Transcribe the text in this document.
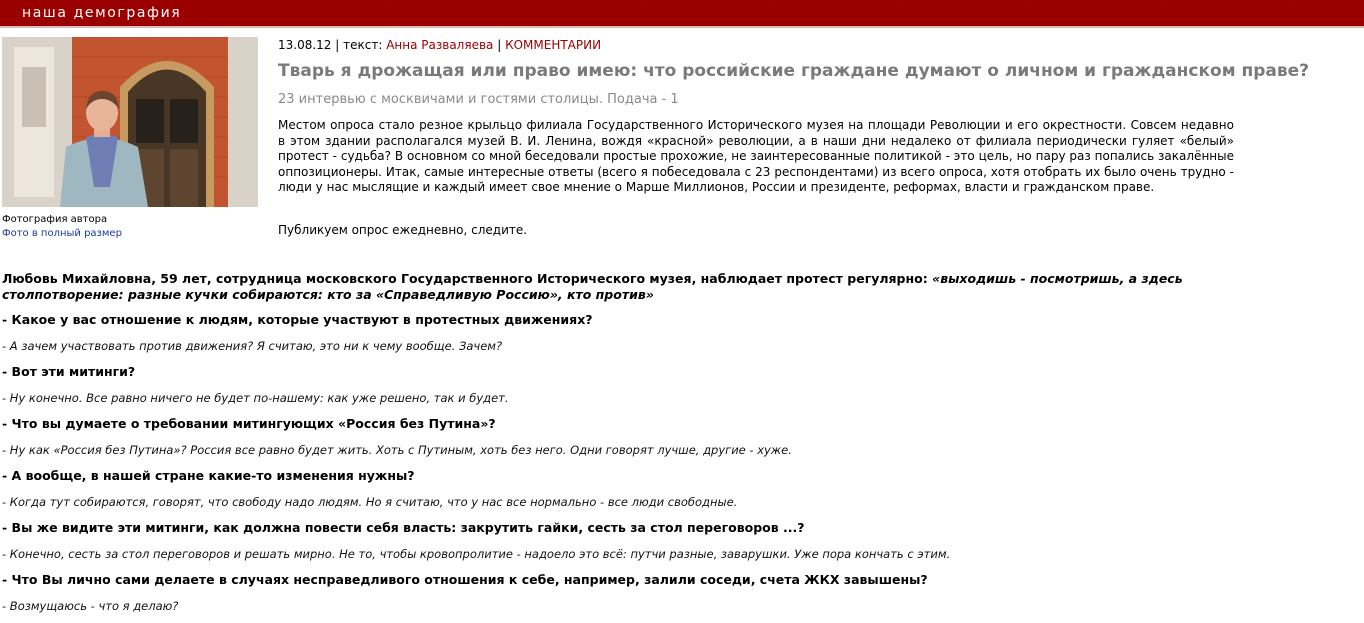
наша демография
Фотография автора
Фото в полный размер
13.08.12 | текст: Анна Разваляева | КОММЕНТАРИИ
Тварь я дрожащая или право имею: что российские граждане думают о личном и гражданском праве?
23 интервью с москвичами и гостями столицы. Подача - 1

Местом опроса стало резное крыльцо филиала Государственного Исторического музея на площади Революции и его окрестности. Совсем недавно в этом здании располагался музей В. И. Ленина, вождя «красной» революции, а в наши дни недалеко от филиала периодически гуляет «белый» протест - судьба? В основном со мной беседовали простые прохожие, не заинтересованные политикой - это цель, но пару раз попались закалённые оппозиционеры. Итак, самые интересные ответы (всего я побеседовала с 23 респондентами) из всего опроса, хотя отобрать их было очень трудно - люди у нас мыслящие и каждый имеет свое мнение о Марше Миллионов, России и президенте, реформах, власти и гражданском праве.

Публикуем опрос ежедневно, следите.

Любовь Михайловна, 59 лет, сотрудница московского Государственного Исторического музея, наблюдает протест регулярно: «выходишь - посмотришь, а здесь столпотворение: разные кучки собираются: кто за «Справедливую Россию», кто против»

- Какое у вас отношение к людям, которые участвуют в протестных движениях?

- А зачем участвовать против движения? Я считаю, это ни к чему вообще. Зачем?

- Вот эти митинги?

- Ну конечно. Все равно ничего не будет по-нашему: как уже решено, так и будет.

- Что вы думаете о требовании митингующих «Россия без Путина»?

- Ну как «Россия без Путина»? Россия все равно будет жить. Хоть с Путиным, хоть без него. Одни говорят лучше, другие - хуже.

- А вообще, в нашей стране какие-то изменения нужны?

- Когда тут собираются, говорят, что свободу надо людям. Но я считаю, что у нас все нормально - все люди свободные.

- Вы же видите эти митинги, как должна повести себя власть: закрутить гайки, сесть за стол переговоров ...?

- Конечно, сесть за стол переговоров и решать мирно. Не то, чтобы кровопролитие - надоело это всё: путчи разные, заварушки. Уже пора кончать с этим.

- Что Вы лично сами делаете в случаях несправедливого отношения к себе, например, залили соседи, счета ЖКХ завышены?

- Возмущаюсь - что я делаю?
